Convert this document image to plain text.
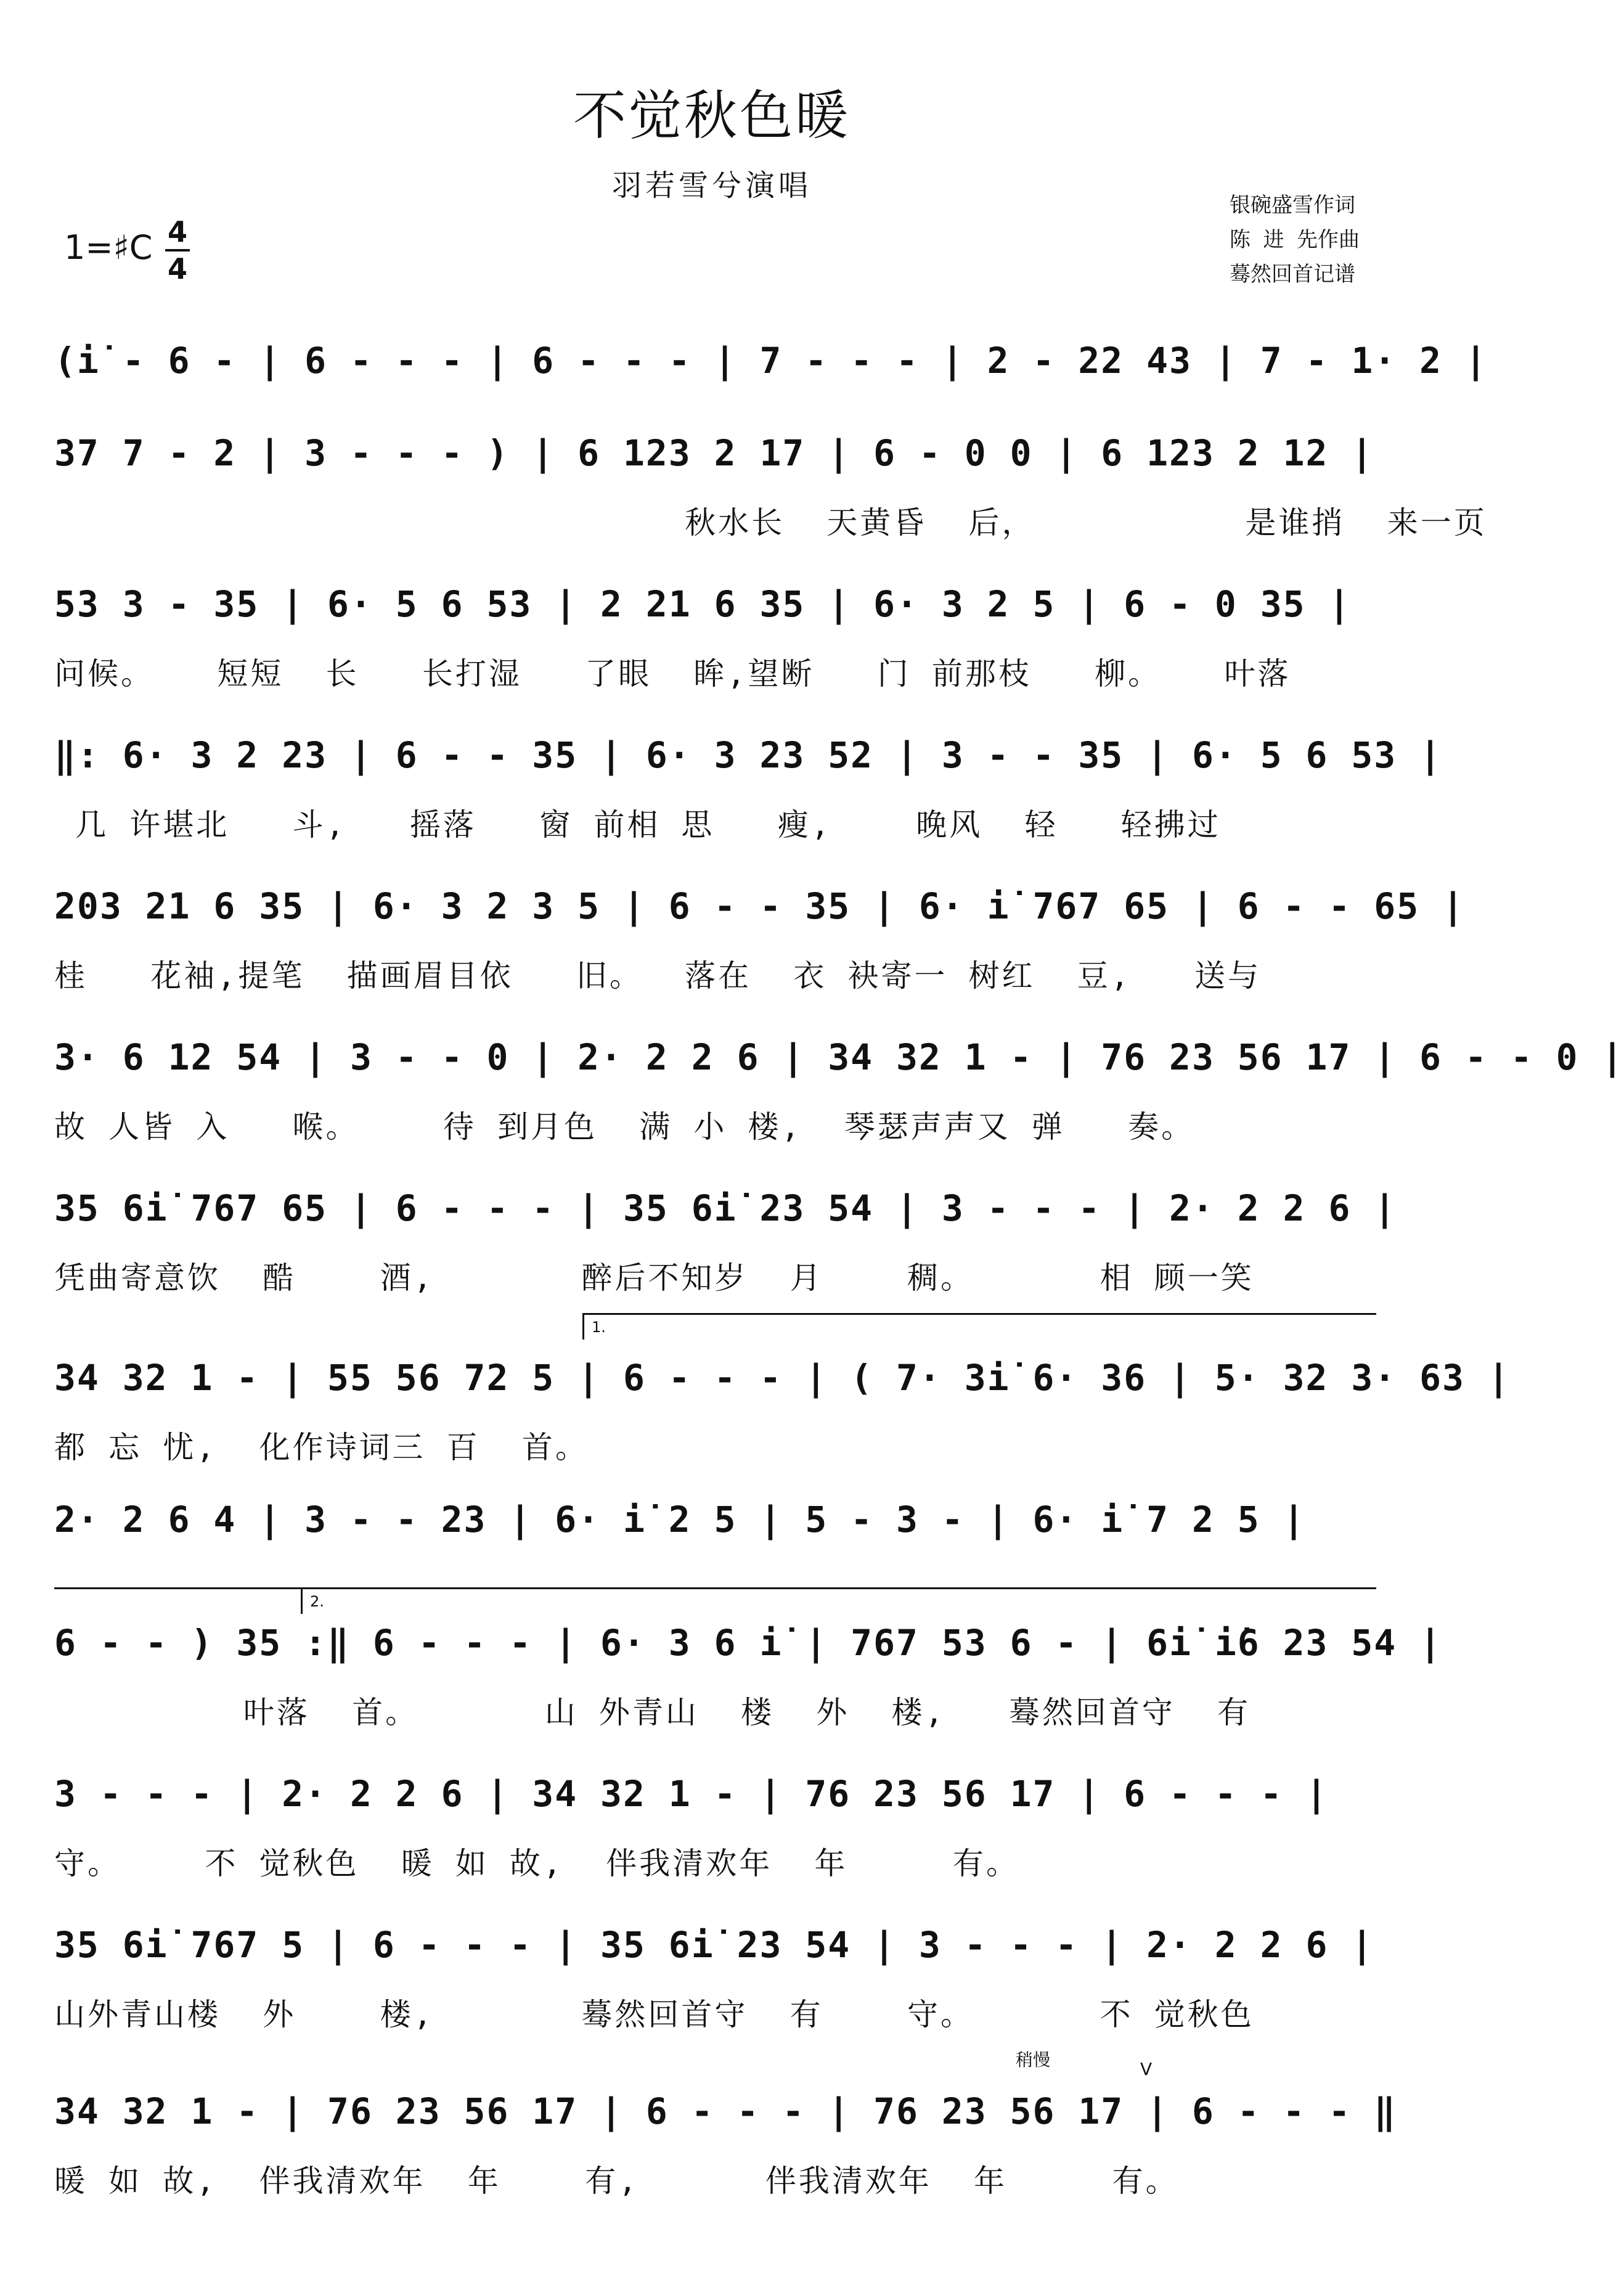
不觉秋色暖
羽若雪兮演唱
银碗盛雪作词
陈 进 先作曲
蓦然回首记谱
1=♯C 4
4
(i̇ - 6 - | 6 - - - | 6 - - - | 7 - - - | 2 - 22 43 | 7 - 1· 2 |
37 7 - 2 | 3 - - - ) | 6 123 2 17 | 6 - 0 0 | 6 123 2 12 |
秋水长  天黄昏  后，          是谁捎  来一页
53 3 - 35 | 6· 5 6 53 | 2 21 6 35 | 6· 3 2 5 | 6 - 0 35 |
问候。   短短  长   长打湿   了眼  眸,望断   门 前那枝   柳。   叶落
‖: 6· 3 2 23 | 6 - - 35 | 6· 3 23 52 | 3 - - 35 | 6· 5 6 53 |
几 许堪北   斗,   摇落   窗 前相 思   瘦,    晚风  轻   轻拂过
203 21 6 35 | 6· 3 2 3 5 | 6 - - 35 | 6· i̇ 767 65 | 6 - - 65 |
桂   花袖,提笔  描画眉目依   旧。  落在  衣 袂寄一 树红  豆,   送与
3· 6 12 54 | 3 - - 0 | 2· 2 2 6 | 34 32 1 - | 76 23 56 17 | 6 - - 0 |
故 人皆 入   喉。    待 到月色  满 小 楼,  琴瑟声声又 弹   奏。
35 6i̇ 767 65 | 6 - - - | 35 6i̇ 23 54 | 3 - - - | 2· 2 2 6 |
凭曲寄意饮  酷    酒,       醉后不知岁  月    稠。      相 顾一笑
34 32 1 - | 55 56 72 5 | 6 - - - | ( 7· 3i̇ 6· 36 | 5· 32 3· 63 |
都 忘 忧,  化作诗词三 百  首。
2· 2 6 4 | 3 - - 23 | 6· i̇ 2 5 | 5 - 3 - | 6· i̇ 7 2 5 |
6 - - ) 35 :‖ 6 - - - | 6· 3 6 i̇ | 767 53 6 - | 6i̇ i̇6 23 54 |
叶落  首。      山 外青山  楼  外  楼,   蓦然回首守  有
3 - - - | 2· 2 2 6 | 34 32 1 - | 76 23 56 17 | 6 - - - |
守。    不 觉秋色  暖 如 故,  伴我清欢年  年     有。
35 6i̇ 767 5 | 6 - - - | 35 6i̇ 23 54 | 3 - - - | 2· 2 2 6 |
山外青山楼  外    楼,       蓦然回首守  有    守。      不 觉秋色
34 32 1 - | 76 23 56 17 | 6 - - - | 76 23 56 17 | 6 - - - ‖
暖 如 故,  伴我清欢年  年    有,      伴我清欢年  年     有。
1.
2.
稍慢	V
